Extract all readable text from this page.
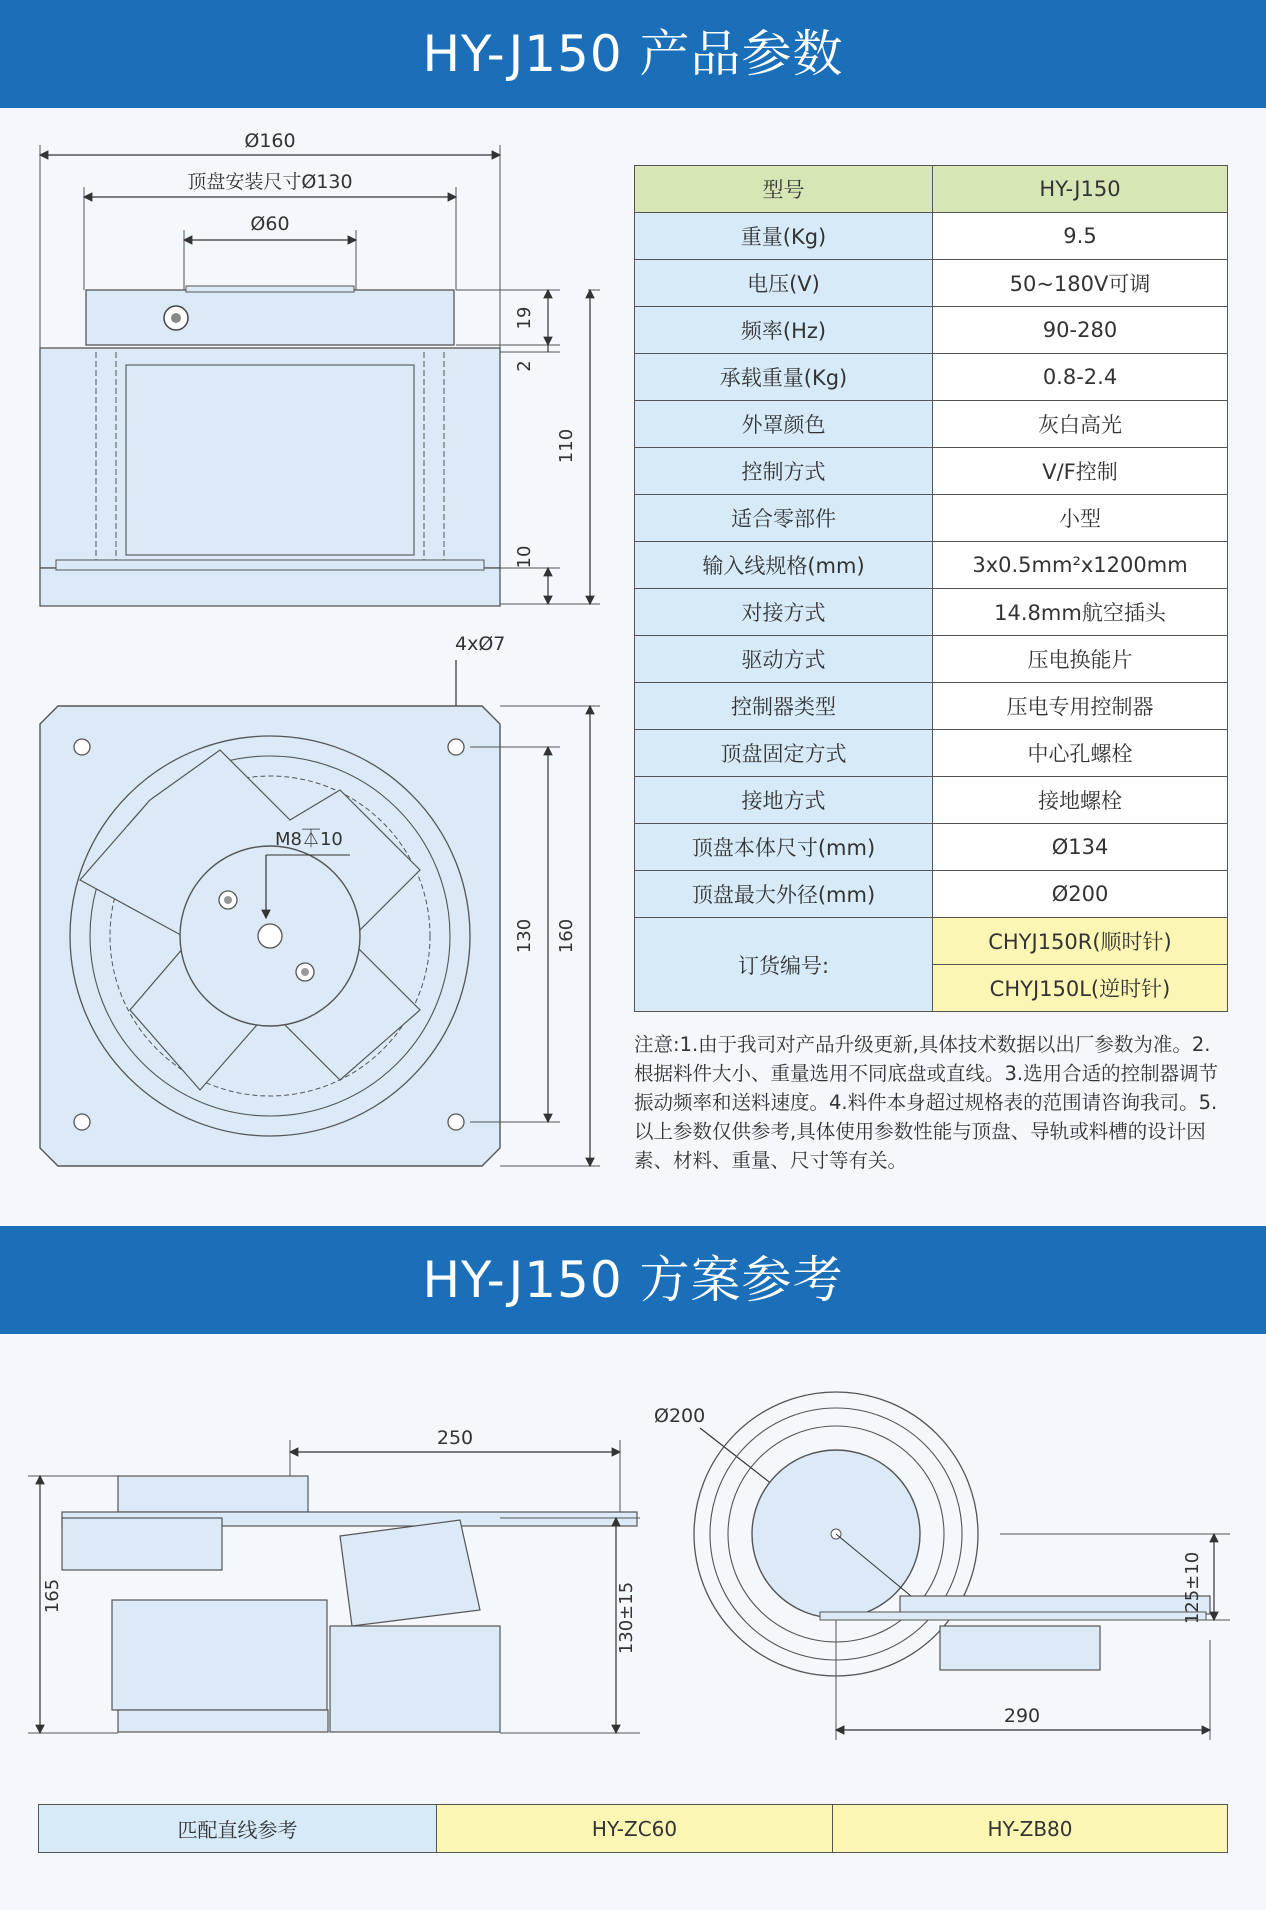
HY-J150 产品参数
Ø160
顶盘安装尺寸Ø130
Ø60
19
2
110
10
4xØ7
M8⏄10
130 160
型号	HY-J150
重量(Kg)	9.5
电压(V)	50~180V可调
频率(Hz)	90-280
承载重量(Kg)	0.8-2.4
外罩颜色	灰白高光
控制方式	V/F控制
适合零部件	小型
输入线规格(mm)	3x0.5mm²x1200mm
对接方式	14.8mm航空插头
驱动方式	压电换能片
控制器类型	压电专用控制器
顶盘固定方式	中心孔螺栓
接地方式	接地螺栓
顶盘本体尺寸(mm)	Ø134
顶盘最大外径(mm)	Ø200
订货编号:	CHYJ150R(顺时针)
	CHYJ150L(逆时针)
注意:1.由于我司对产品升级更新,具体技术数据以出厂参数为准。2.根据料件大小、重量选用不同底盘或直线。3.选用合适的控制器调节振动频率和送料速度。4.料件本身超过规格表的范围请咨询我司。5.以上参数仅供参考,具体使用参数性能与顶盘、导轨或料槽的设计因素、材料、重量、尺寸等有关。
HY-J150 方案参考
250
165	130±15
Ø200
125±10
290
匹配直线参考	HY-ZC60	HY-ZB80
